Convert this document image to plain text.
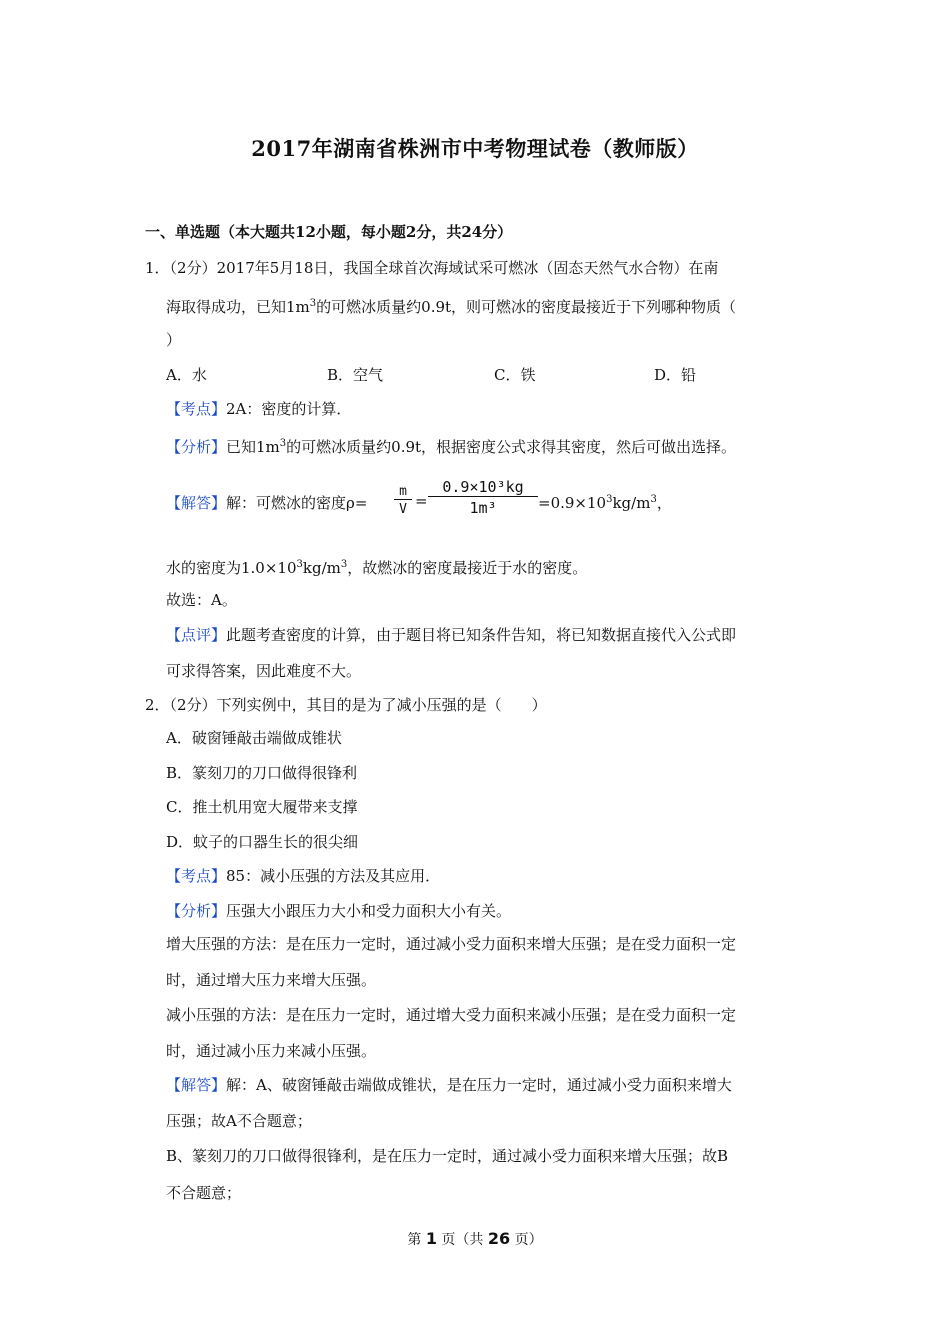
2017年湖南省株洲市中考物理试卷（教师版）
一、单选题（本大题共12小题，每小题2分，共24分）
1．（2分）2017年5月18日，我国全球首次海域试采可燃冰（固态天然气水合物）在南
海取得成功，已知$1m^3$的可燃冰质量约0.9t，则可燃冰的密度最接近于下列哪种物质（
）
A．水	B．空气	C．铁	D．铅
【考点】2A：密度的计算．
【分析】已知$1m^3$的可燃冰质量约0.9t，根据密度公式求得其密度，然后可做出选择。
【解答】解：可燃冰的密度$\rho= \frac{m}{V} = \frac{\text{0.9×10³kg}}{\text{1m³}} =0.9\times 10^3kg/m^3$，
水的密度为$1.0\times 10^3kg/m^3$，故燃冰的密度最接近于水的密度。
故选：A。
【点评】此题考查密度的计算，由于题目将已知条件告知，将已知数据直接代入公式即
可求得答案，因此难度不大。
2．（2分）下列实例中，其目的是为了减小压强的是（　　）
A．破窗锤敲击端做成锥状
B．篆刻刀的刀口做得很锋利
C．推土机用宽大履带来支撑
D．蚊子的口器生长的很尖细
【考点】85：减小压强的方法及其应用．
【分析】压强大小跟压力大小和受力面积大小有关。
增大压强的方法：是在压力一定时，通过减小受力面积来增大压强；是在受力面积一定
时，通过增大压力来增大压强。
减小压强的方法：是在压力一定时，通过增大受力面积来减小压强；是在受力面积一定
时，通过减小压力来减小压强。
【解答】解：A、破窗锤敲击端做成锥状，是在压力一定时，通过减小受力面积来增大
压强；故A不合题意；
B、篆刻刀的刀口做得很锋利，是在压力一定时，通过减小受力面积来增大压强；故B
不合题意；
第 1 页（共 26 页）
